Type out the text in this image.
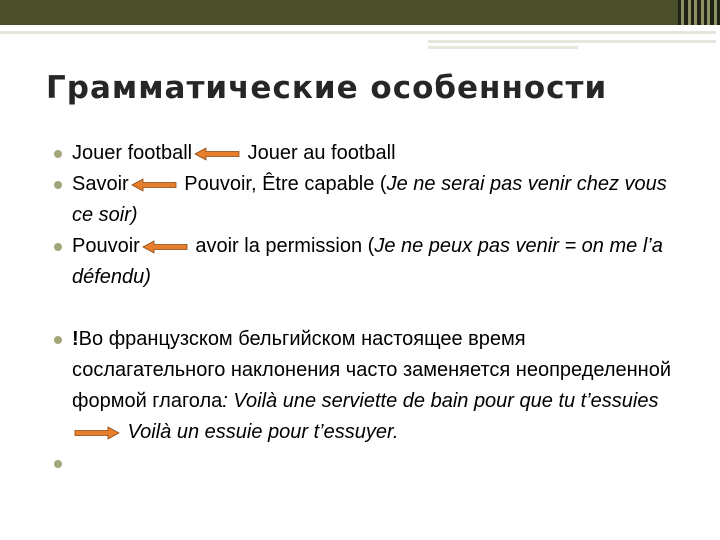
Грамматические особенности

Jouer football	Jouer au football

Savoir	Pouvoir, Être capable (Je ne serai pas venir chez vous ce soir)

Pouvoir	avoir la permission (Je ne peux pas venir = on me l’a défendu)

!Во французском бельгийском настоящее время сослагательного наклонения часто заменяется неопределенной формой глагола: Voilà une serviette de bain pour que tu t’essuies
Voilà un essuie pour t’essuyer.
